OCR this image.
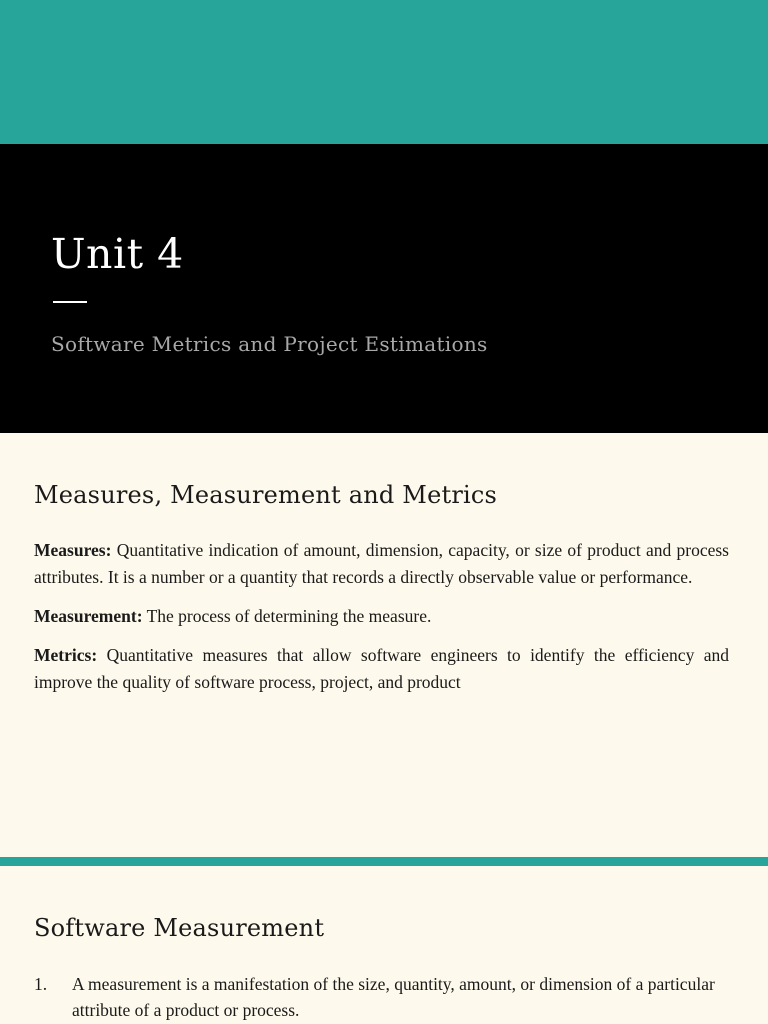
Unit 4

Software Metrics and Project Estimations

Measures, Measurement and Metrics

Measures: Quantitative indication of amount, dimension, capacity, or size of product and process attributes. It is a number or a quantity that records a directly observable value or performance.

Measurement: The process of determining the measure.

Metrics: Quantitative measures that allow software engineers to identify the efficiency and improve the quality of software process, project, and product

Software Measurement
1.	A measurement is a manifestation of the size, quantity, amount, or dimension of a particular attribute of a product or process.
